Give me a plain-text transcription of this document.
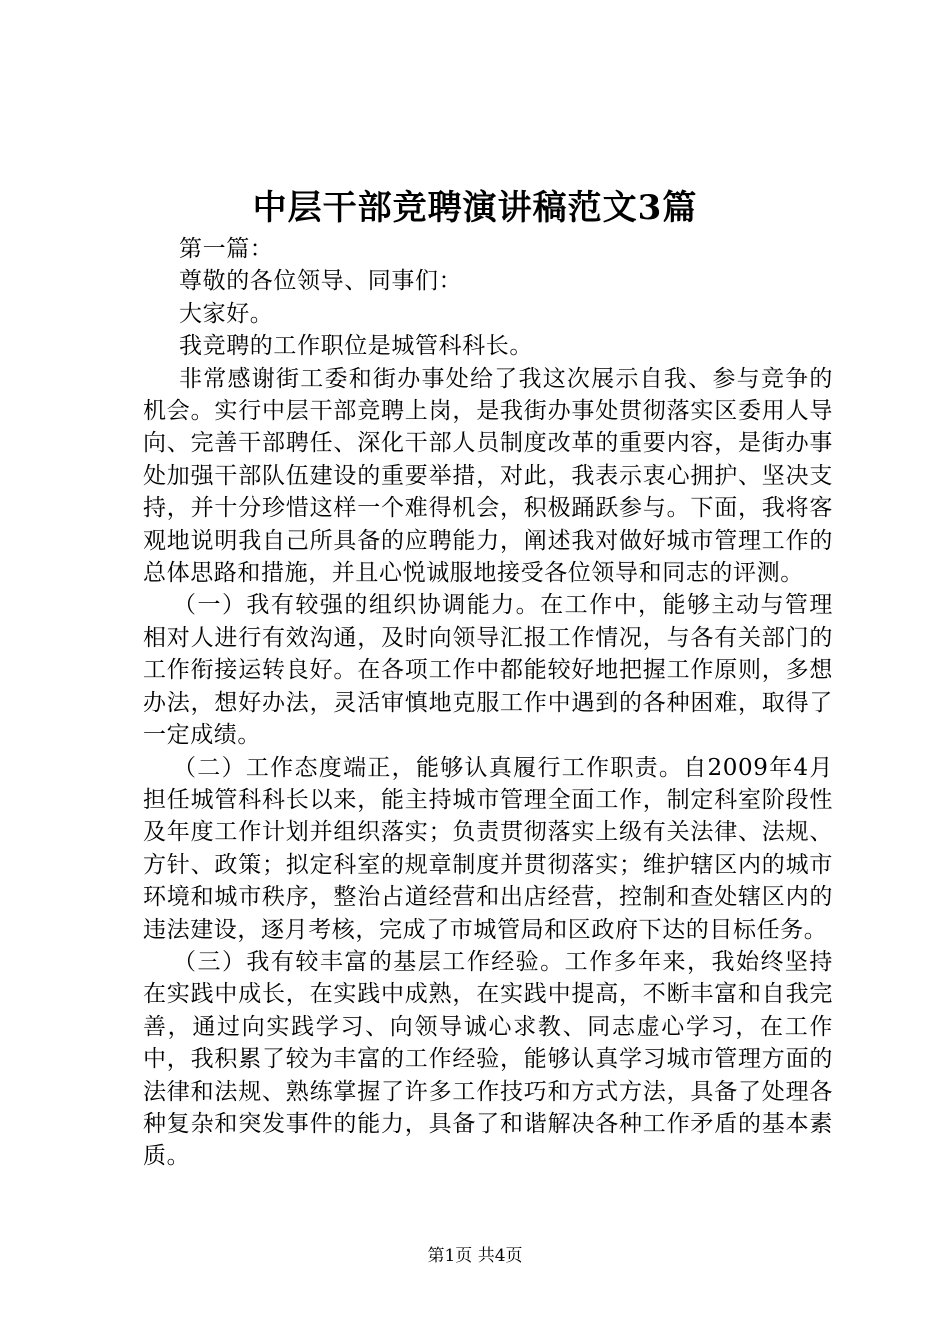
中层干部竞聘演讲稿范文3篇

第一篇：

尊敬的各位领导、同事们：

大家好。

我竞聘的工作职位是城管科科长。

非常感谢街工委和街办事处给了我这次展示自我、参与竞争的机会。实行中层干部竞聘上岗，是我街办事处贯彻落实区委用人导向、完善干部聘任、深化干部人员制度改革的重要内容，是街办事处加强干部队伍建设的重要举措，对此，我表示衷心拥护、坚决支持，并十分珍惜这样一个难得机会，积极踊跃参与。下面，我将客观地说明我自己所具备的应聘能力，阐述我对做好城市管理工作的总体思路和措施，并且心悦诚服地接受各位领导和同志的评测。

（一）我有较强的组织协调能力。在工作中，能够主动与管理相对人进行有效沟通，及时向领导汇报工作情况，与各有关部门的工作衔接运转良好。在各项工作中都能较好地把握工作原则，多想办法，想好办法，灵活审慎地克服工作中遇到的各种困难，取得了一定成绩。

（二）工作态度端正，能够认真履行工作职责。自2009年4月担任城管科科长以来，能主持城市管理全面工作，制定科室阶段性及年度工作计划并组织落实；负责贯彻落实上级有关法律、法规、方针、政策；拟定科室的规章制度并贯彻落实；维护辖区内的城市环境和城市秩序，整治占道经营和出店经营，控制和查处辖区内的违法建设，逐月考核，完成了市城管局和区政府下达的目标任务。

（三）我有较丰富的基层工作经验。工作多年来，我始终坚持在实践中成长，在实践中成熟，在实践中提高，不断丰富和自我完善，通过向实践学习、向领导诚心求教、同志虚心学习，在工作中，我积累了较为丰富的工作经验，能够认真学习城市管理方面的法律和法规、熟练掌握了许多工作技巧和方式方法，具备了处理各种复杂和突发事件的能力，具备了和谐解决各种工作矛盾的基本素质。

第1页 共4页
